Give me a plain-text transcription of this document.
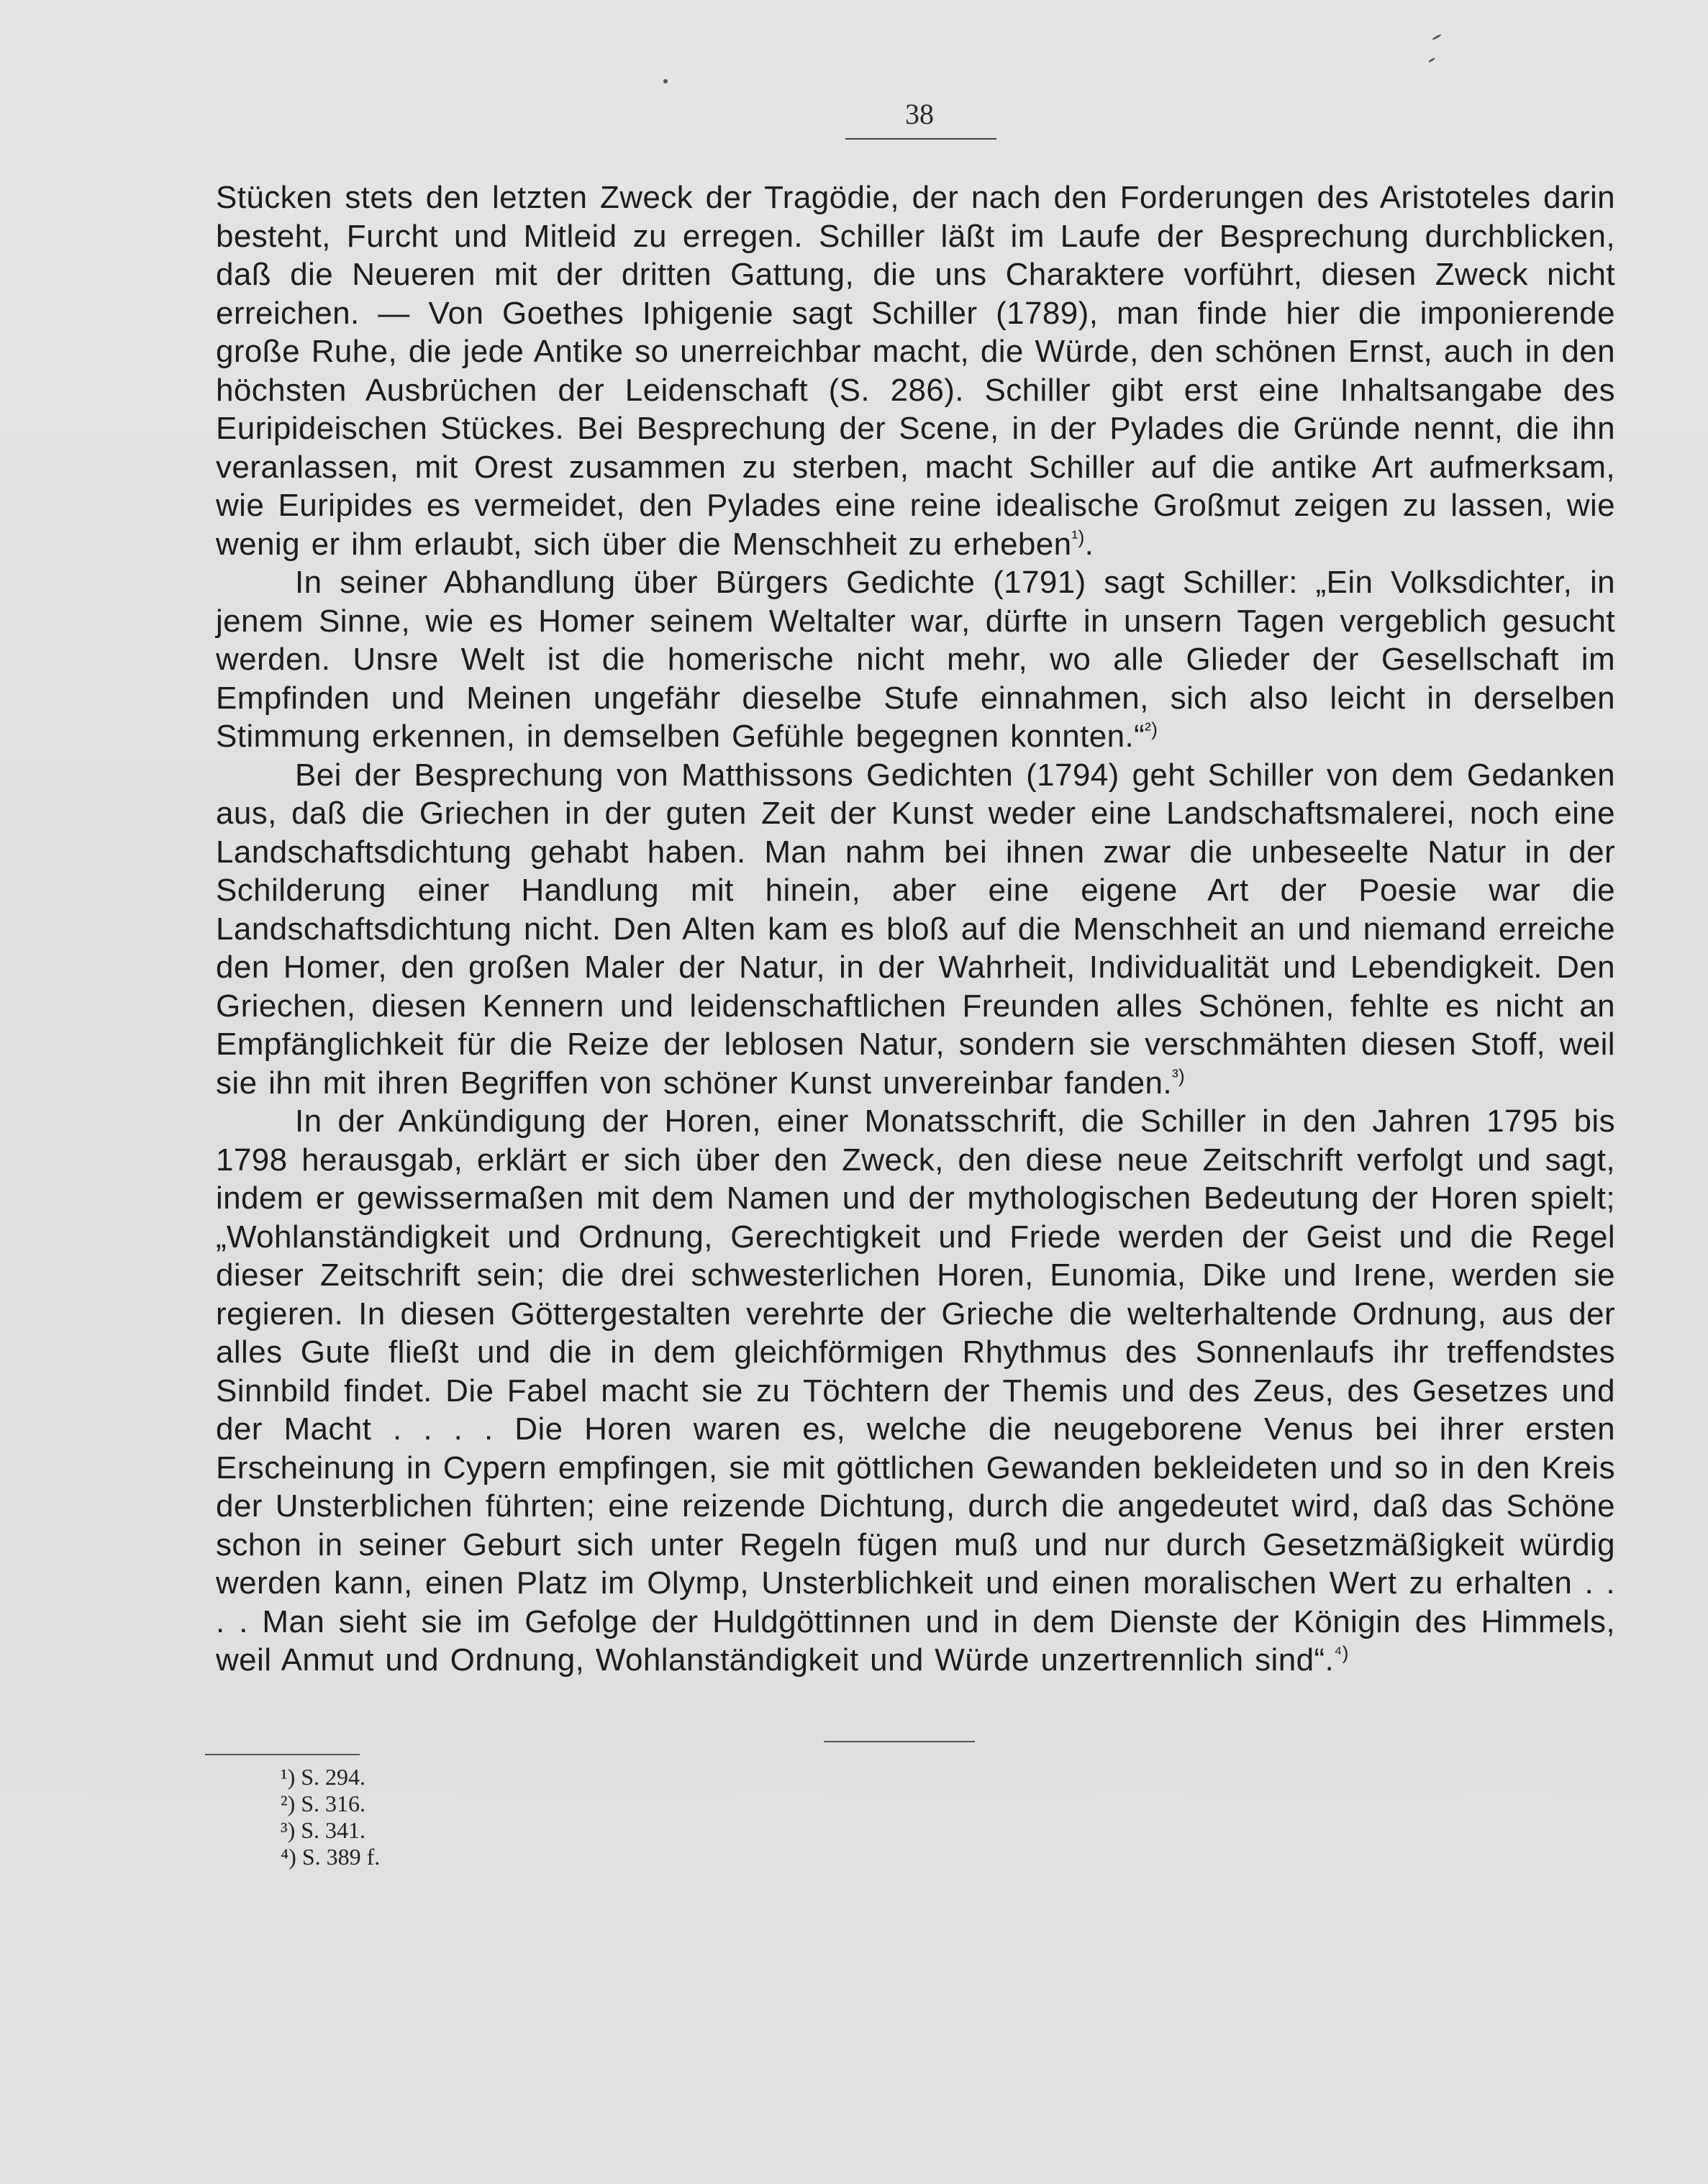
38

Stücken stets den letzten Zweck der Tragödie, der nach den Forderungen des Aristoteles darin besteht, Furcht und Mitleid zu erregen. Schiller läßt im Laufe der Besprechung durchblicken, daß die Neueren mit der dritten Gattung, die uns Charaktere vorführt, diesen Zweck nicht erreichen. — Von Goethes Iphigenie sagt Schiller (1789), man finde hier die imponierende große Ruhe, die jede Antike so unerreichbar macht, die Würde, den schönen Ernst, auch in den höchsten Ausbrüchen der Leidenschaft (S. 286). Schiller gibt erst eine Inhaltsangabe des Euripideischen Stückes. Bei Besprechung der Scene, in der Pylades die Gründe nennt, die ihn veranlassen, mit Orest zusammen zu sterben, macht Schiller auf die antike Art aufmerksam, wie Euripides es vermeidet, den Pylades eine reine idealische Großmut zeigen zu lassen, wie wenig er ihm erlaubt, sich über die Menschheit zu erheben$^{^1)}$.

In seiner Abhandlung über Bürgers Gedichte (1791) sagt Schiller: „Ein Volksdichter, in jenem Sinne, wie es Homer seinem Weltalter war, dürfte in unsern Tagen vergeblich gesucht werden. Unsre Welt ist die homerische nicht mehr, wo alle Glieder der Gesellschaft im Empfinden und Meinen ungefähr dieselbe Stufe einnahmen, sich also leicht in derselben Stimmung erkennen, in demselben Gefühle begegnen konnten.“$^{^2)}$

Bei der Besprechung von Matthissons Gedichten (1794) geht Schiller von dem Gedanken aus, daß die Griechen in der guten Zeit der Kunst weder eine Landschaftsmalerei, noch eine Landschaftsdichtung gehabt haben. Man nahm bei ihnen zwar die unbeseelte Natur in der Schilderung einer Handlung mit hinein, aber eine eigene Art der Poesie war die Landschaftsdichtung nicht. Den Alten kam es bloß auf die Menschheit an und niemand erreiche den Homer, den großen Maler der Natur, in der Wahrheit, Individualität und Lebendigkeit. Den Griechen, diesen Kennern und leidenschaftlichen Freunden alles Schönen, fehlte es nicht an Empfänglichkeit für die Reize der leblosen Natur, sondern sie verschmähten diesen Stoff, weil sie ihn mit ihren Begriffen von schöner Kunst unvereinbar fanden.$^{^3)}$

In der Ankündigung der Horen, einer Monatsschrift, die Schiller in den Jahren 1795 bis 1798 herausgab, erklärt er sich über den Zweck, den diese neue Zeitschrift verfolgt und sagt, indem er gewissermaßen mit dem Namen und der mythologischen Bedeutung der Horen spielt; „Wohlanständigkeit und Ordnung, Gerechtigkeit und Friede werden der Geist und die Regel dieser Zeitschrift sein; die drei schwesterlichen Horen, Eunomia, Dike und Irene, werden sie regieren. In diesen Göttergestalten verehrte der Grieche die welterhaltende Ordnung, aus der alles Gute fließt und die in dem gleichförmigen Rhythmus des Sonnenlaufs ihr treffendstes Sinnbild findet. Die Fabel macht sie zu Töchtern der Themis und des Zeus, des Gesetzes und der Macht . . . . Die Horen waren es, welche die neugeborene Venus bei ihrer ersten Erscheinung in Cypern empfingen, sie mit göttlichen Gewanden bekleideten und so in den Kreis der Unsterblichen führten; eine reizende Dichtung, durch die angedeutet wird, daß das Schöne schon in seiner Geburt sich unter Regeln fügen muß und nur durch Gesetzmäßigkeit würdig werden kann, einen Platz im Olymp, Unsterblichkeit und einen moralischen Wert zu erhalten . . . . Man sieht sie im Gefolge der Huldgöttinnen und in dem Dienste der Königin des Himmels, weil Anmut und Ordnung, Wohlanständigkeit und Würde unzertrennlich sind“.$^{^4)}$

¹) S. 294.
²) S. 316.
³) S. 341.
⁴) S. 389 f.
